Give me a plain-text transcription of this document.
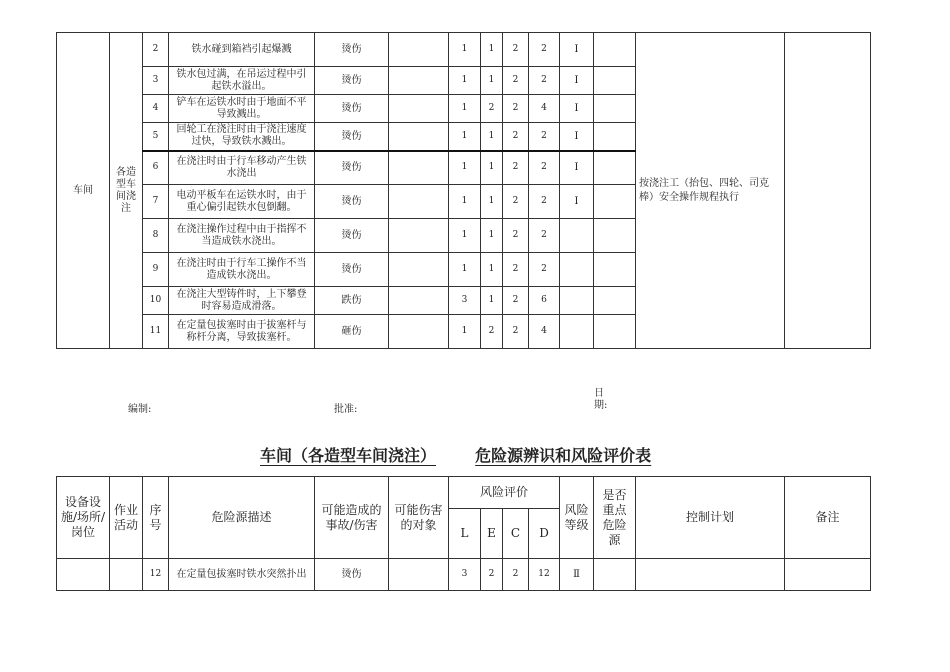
车间	各造型车间浇注	2	铁水碰到箱裆引起爆溅	烫伤		1	1	2	2	Ⅰ		按浇注工（抬包、四轮、司克棒）安全操作规程执行	
		3	铁水包过满，在吊运过程中引起铁水溢出。	烫伤		1	1	2	2	Ⅰ			
		4	铲车在运铁水时由于地面不平导致溅出。	烫伤		1	2	2	4	Ⅰ			
		5	回轮工在浇注时由于浇注速度过快，导致铁水溅出。	烫伤		1	1	2	2	Ⅰ			
		6	在浇注时由于行车移动产生铁水浇出	烫伤		1	1	2	2	Ⅰ			
		7	电动平板车在运铁水时，由于重心偏引起铁水包倒翻。	烫伤		1	1	2	2	Ⅰ			
		8	在浇注操作过程中由于指挥不当造成铁水浇出。	烫伤		1	1	2	2				
		9	在浇注时由于行车工操作不当造成铁水浇出。	烫伤		1	1	2	2				
		10	在浇注大型铸件时，上下攀登时容易造成滑落。	跌伤		3	1	2	6				
		11	在定量包拔塞时由于拔塞杆与称杆分离，导致拔塞杆。	砸伤		1	2	2	4				
编制:	批准:
日期:
车间（各造型车间浇注） 危险源辨识和风险评价表
设备设施/场所/岗位	作业活动	序号	危险源描述	可能造成的事故/伤害	可能伤害的对象	风险评价				风险等级	是否重点危险源	控制计划	备注
						L	E	C	D				
		12	在定量包拔塞时铁水突然扑出	烫伤		3	2	2	12	Ⅱ			
